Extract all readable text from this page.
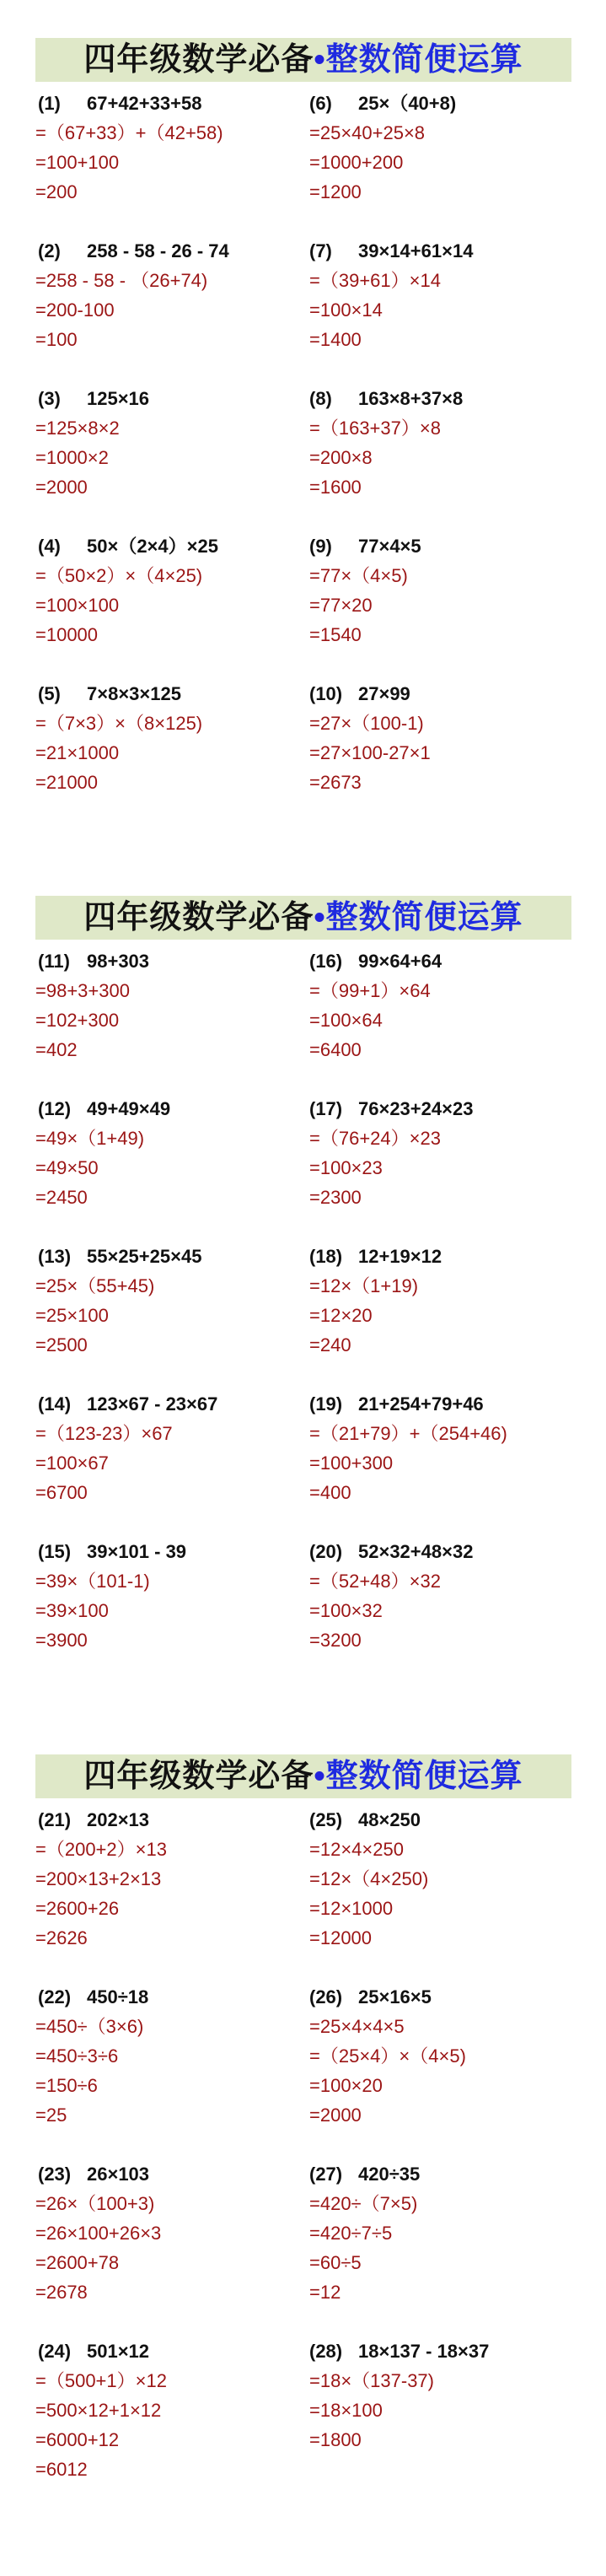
四年级数学必备•整数简便运算
(1) 67+42+33+58
=（67+33）+（42+58)
=100+100
=200
(6) 25×（40+8)
=25×40+25×8
=1000+200
=1200
(2) 258 - 58 - 26 - 74
=258 - 58 - （26+74)
=200-100
=100
(7) 39×14+61×14
=（39+61）×14
=100×14
=1400
(3) 125×16
=125×8×2
=1000×2
=2000
(8) 163×8+37×8
=（163+37）×8
=200×8
=1600
(4) 50×（2×4）×25
=（50×2）×（4×25)
=100×100
=10000
(9) 77×4×5
=77×（4×5)
=77×20
=1540
(5) 7×8×3×125
=（7×3）×（8×125)
=21×1000
=21000
(10) 27×99
=27×（100-1)
=27×100-27×1
=2673
四年级数学必备•整数简便运算
(11) 98+303
=98+3+300
=102+300
=402
(16) 99×64+64
=（99+1）×64
=100×64
=6400
(12) 49+49×49
=49×（1+49)
=49×50
=2450
(17) 76×23+24×23
=（76+24）×23
=100×23
=2300
(13) 55×25+25×45
=25×（55+45)
=25×100
=2500
(18) 12+19×12
=12×（1+19)
=12×20
=240
(14) 123×67 - 23×67
=（123-23）×67
=100×67
=6700
(19) 21+254+79+46
=（21+79）+（254+46)
=100+300
=400
(15) 39×101 - 39
=39×（101-1)
=39×100
=3900
(20) 52×32+48×32
=（52+48）×32
=100×32
=3200
四年级数学必备•整数简便运算
(21) 202×13
=（200+2）×13
=200×13+2×13
=2600+26
=2626
(25) 48×250
=12×4×250
=12×（4×250)
=12×1000
=12000
(22) 450÷18
=450÷（3×6)
=450÷3÷6
=150÷6
=25
(26) 25×16×5
=25×4×4×5
=（25×4）×（4×5)
=100×20
=2000
(23) 26×103
=26×（100+3)
=26×100+26×3
=2600+78
=2678
(27) 420÷35
=420÷（7×5)
=420÷7÷5
=60÷5
=12
(24) 501×12
=（500+1）×12
=500×12+1×12
=6000+12
=6012
(28) 18×137 - 18×37
=18×（137-37)
=18×100
=1800
